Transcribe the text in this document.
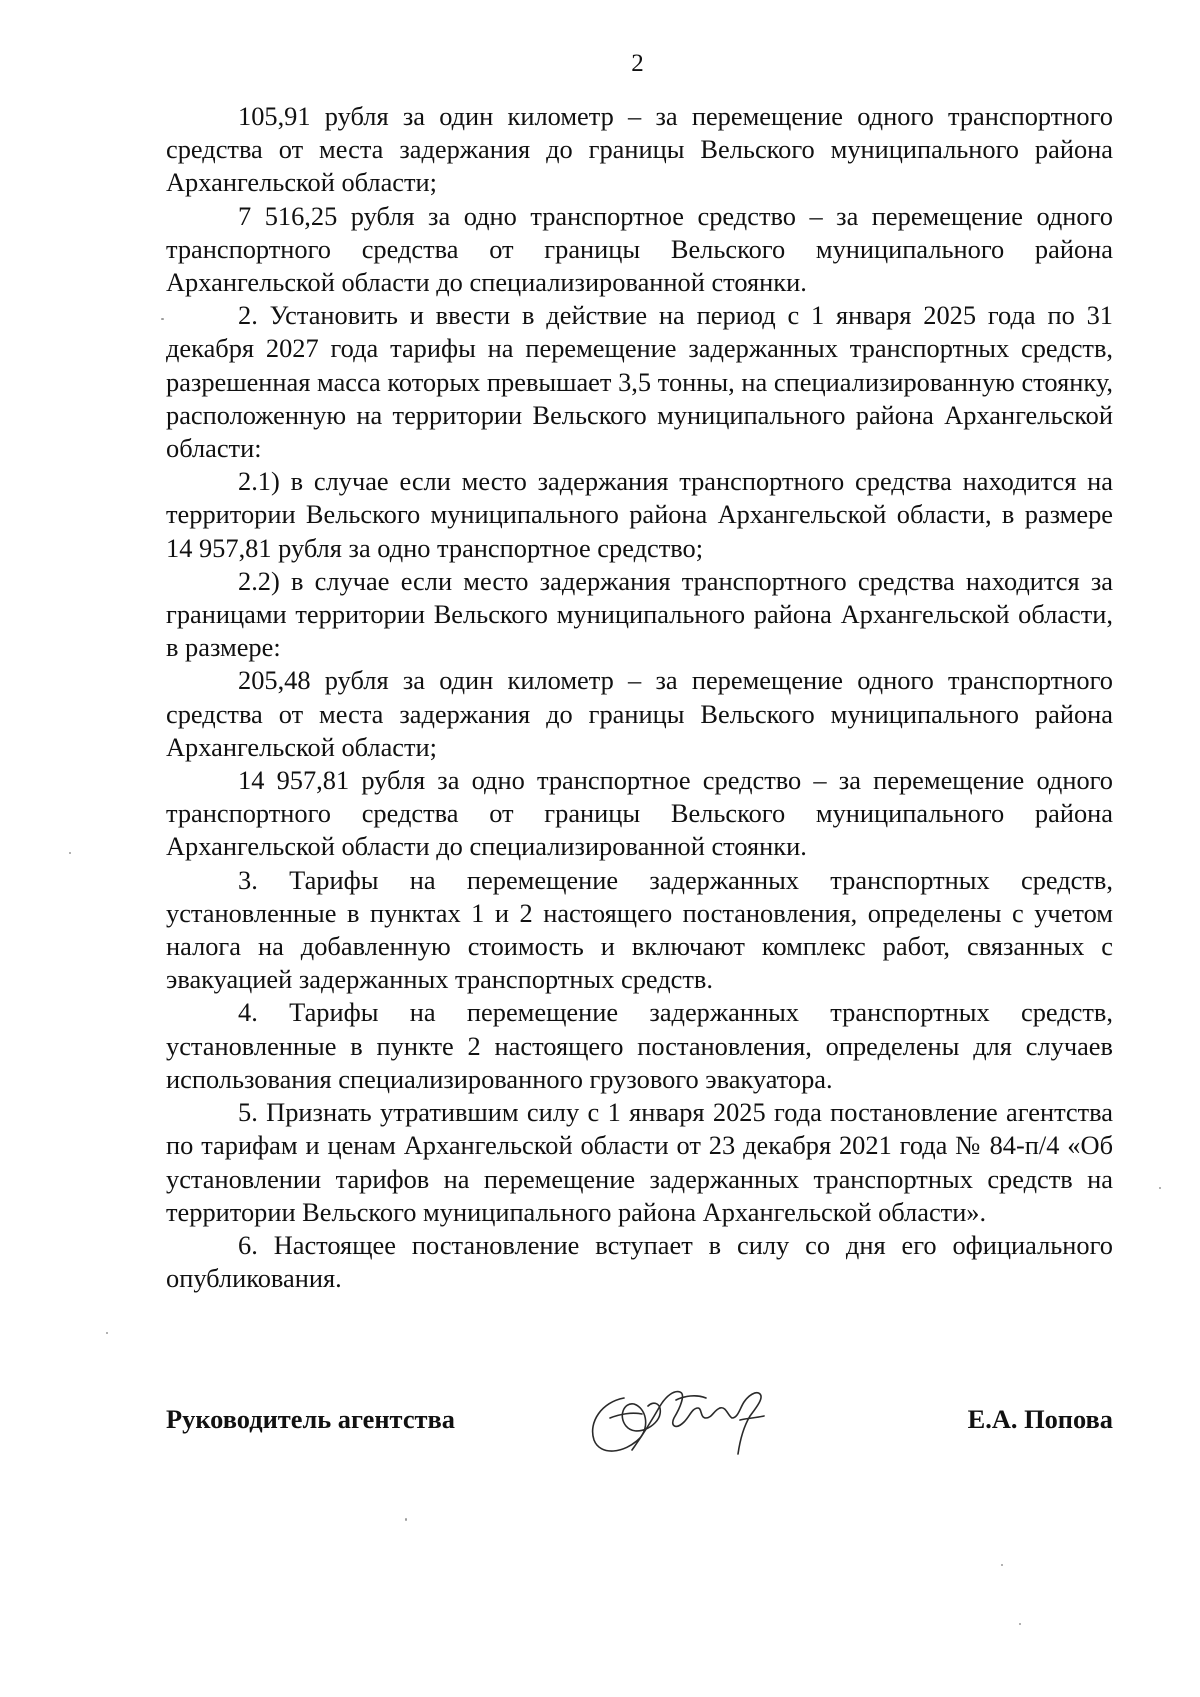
2

105,91 рубля за один километр – за перемещение одного транспортного средства от места задержания до границы Вельского муниципального района Архангельской области;

7 516,25 рубля за одно транспортное средство – за перемещение одного транспортного средства от границы Вельского муниципального района Архангельской области до специализированной стоянки.

2. Установить и ввести в действие на период с 1 января 2025 года по 31 декабря 2027 года тарифы на перемещение задержанных транспортных средств, разрешенная масса которых превышает 3,5 тонны, на специализированную стоянку, расположенную на территории Вельского муниципального района Архангельской области:

2.1) в случае если место задержания транспортного средства находится на территории Вельского муниципального района Архангельской области, в размере 14 957,81 рубля за одно транспортное средство;

2.2) в случае если место задержания транспортного средства находится за границами территории Вельского муниципального района Архангельской области, в размере:

205,48 рубля за один километр – за перемещение одного транспортного средства от места задержания до границы Вельского муниципального района Архангельской области;

14 957,81 рубля за одно транспортное средство – за перемещение одного транспортного средства от границы Вельского муниципального района Архангельской области до специализированной стоянки.

3. Тарифы на перемещение задержанных транспортных средств, установленные в пунктах 1 и 2 настоящего постановления, определены с учетом налога на добавленную стоимость и включают комплекс работ, связанных с эвакуацией задержанных транспортных средств.

4. Тарифы на перемещение задержанных транспортных средств, установленные в пункте 2 настоящего постановления, определены для случаев использования специализированного грузового эвакуатора.

5. Признать утратившим силу с 1 января 2025 года постановление агентства по тарифам и ценам Архангельской области от 23 декабря 2021 года № 84-п/4 «Об установлении тарифов на перемещение задержанных транспортных средств на территории Вельского муниципального района Архангельской области».

6. Настоящее постановление вступает в силу со дня его официального опубликования.

Руководитель агентства	Е.А. Попова
